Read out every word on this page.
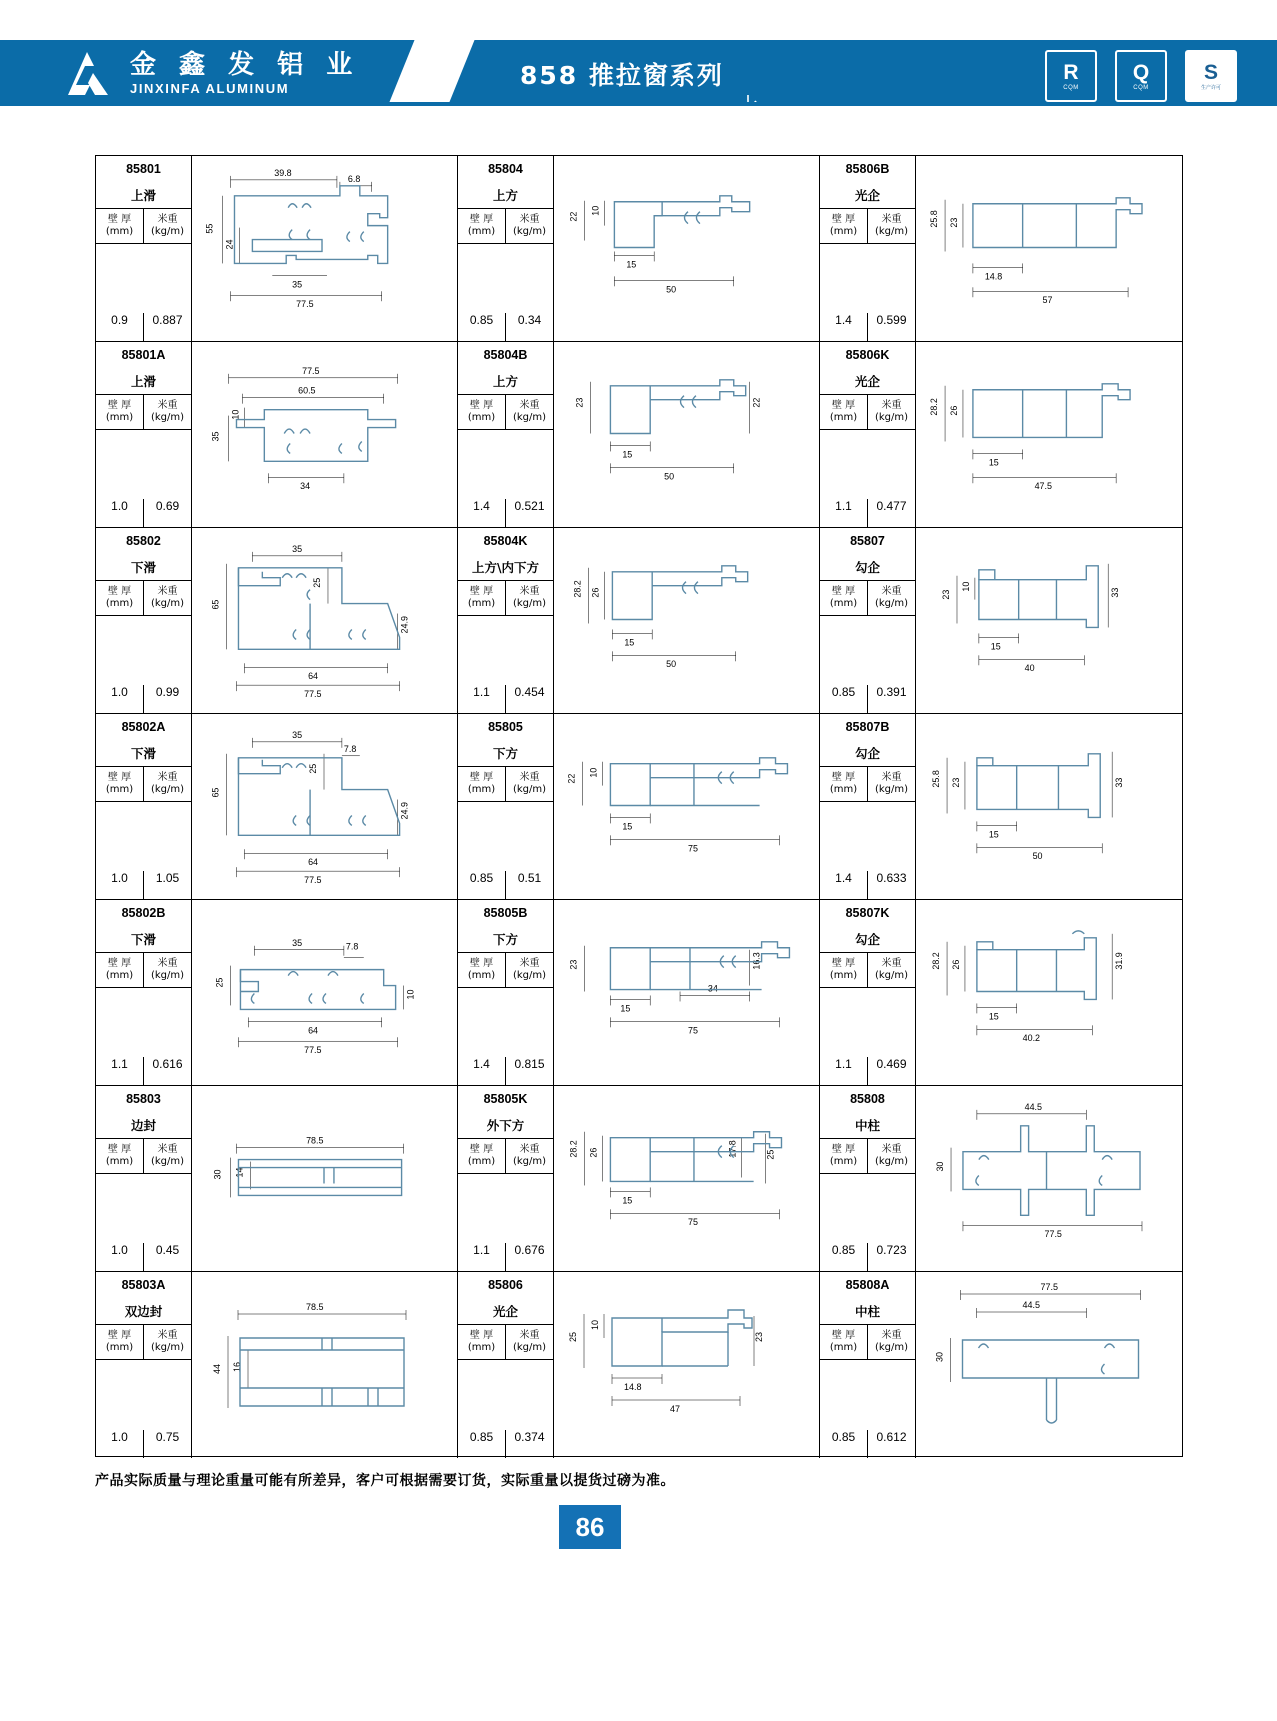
金 鑫 发 铝 业
JINXINFA ALUMINUM	858 推拉窗系列	R
CQM
Q
CQM
S
生产许可
85801
上滑
壁 厚
(mm)
米重
(kg/m)
0.9	0.887
39.8
6.8
55
24
35
77.5
85804
上方
壁 厚
(mm)
米重
(kg/m)
0.85	0.34
22
10
15
50
85806B
光企
壁 厚
(mm)
米重
(kg/m)
1.4	0.599
25.8 23
14.8
57
85801A
上滑
壁 厚
(mm)
米重
(kg/m)
1.0	0.69
77.5
60.5
10
35
34
85804B
上方
壁 厚
(mm)
米重
(kg/m)
1.4	0.521
23	22
15
50
85806K
光企
壁 厚
(mm)
米重
(kg/m)
1.1	0.477
28.2 26
15
47.5
85802
下滑
壁 厚
(mm)
米重
(kg/m)
1.0	0.99
35
25
65
24.9
64
77.5
85804K
上方\内下方
壁 厚
(mm)
米重
(kg/m)
1.1	0.454
28.2 26
15
50
85807
勾企
壁 厚
(mm)
米重
(kg/m)
0.85	0.391
23
10
33
15
40
85802A
下滑
壁 厚
(mm)
米重
(kg/m)
1.0	1.05
35
25
7.8
65
24.9
64
77.5
85805
下方
壁 厚
(mm)
米重
(kg/m)
0.85	0.51
22
10
15
75
85807B
勾企
壁 厚
(mm)
米重
(kg/m)
1.4	0.633
25.8 23	33
15
50
85802B
下滑
壁 厚
(mm)
米重
(kg/m)
1.1	0.616
35	7.8
25
10
64
77.5
85805B
下方
壁 厚
(mm)
米重
(kg/m)
1.4	0.815
23	16.3
15
34
75
85807K
勾企
壁 厚
(mm)
米重
(kg/m)
1.1	0.469
28.2 26	31.9
15
40.2
85803
边封
壁 厚
(mm)
米重
(kg/m)
1.0	0.45
78.5
14
30
85805K
外下方
壁 厚
(mm)
米重
(kg/m)
1.1	0.676
28.2 26	17.8	25
15
75
85808
中柱
壁 厚
(mm)
米重
(kg/m)
0.85	0.723
44.5
30
77.5
85803A
双边封
壁 厚
(mm)
米重
(kg/m)
1.0	0.75
78.5
44 16
85806
光企
壁 厚
(mm)
米重
(kg/m)
0.85	0.374
25
10
23
14.8
47
85808A
中柱
壁 厚
(mm)
米重
(kg/m)
0.85	0.612
77.5
44.5
30
产品实际质量与理论重量可能有所差异，客户可根据需要订货，实际重量以提货过磅为准。
86
